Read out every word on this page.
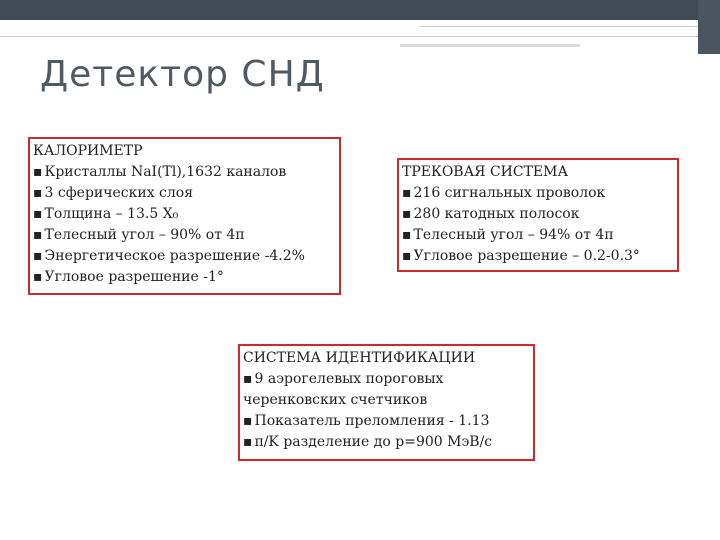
Детектор СНД
КАЛОРИМЕТР
▪ Кристаллы NaI(Tl),1632 каналов
▪ 3 сферических слоя
▪ Толщина – 13.5 X₀
▪ Телесный угол – 90% от 4π
▪ Энергетическое разрешение -4.2%
▪ Угловое разрешение -1°
ТРЕКОВАЯ СИСТЕМА
▪ 216 сигнальных проволок
▪ 280 катодных полосок
▪ Телесный угол – 94% от 4π
▪ Угловое разрешение – 0.2-0.3°
СИСТЕМА ИДЕНТИФИКАЦИИ
▪ 9 аэрогелевых пороговых черенковских счетчиков
▪ Показатель преломления - 1.13
▪ π/K разделение до p=900 МэВ/c
